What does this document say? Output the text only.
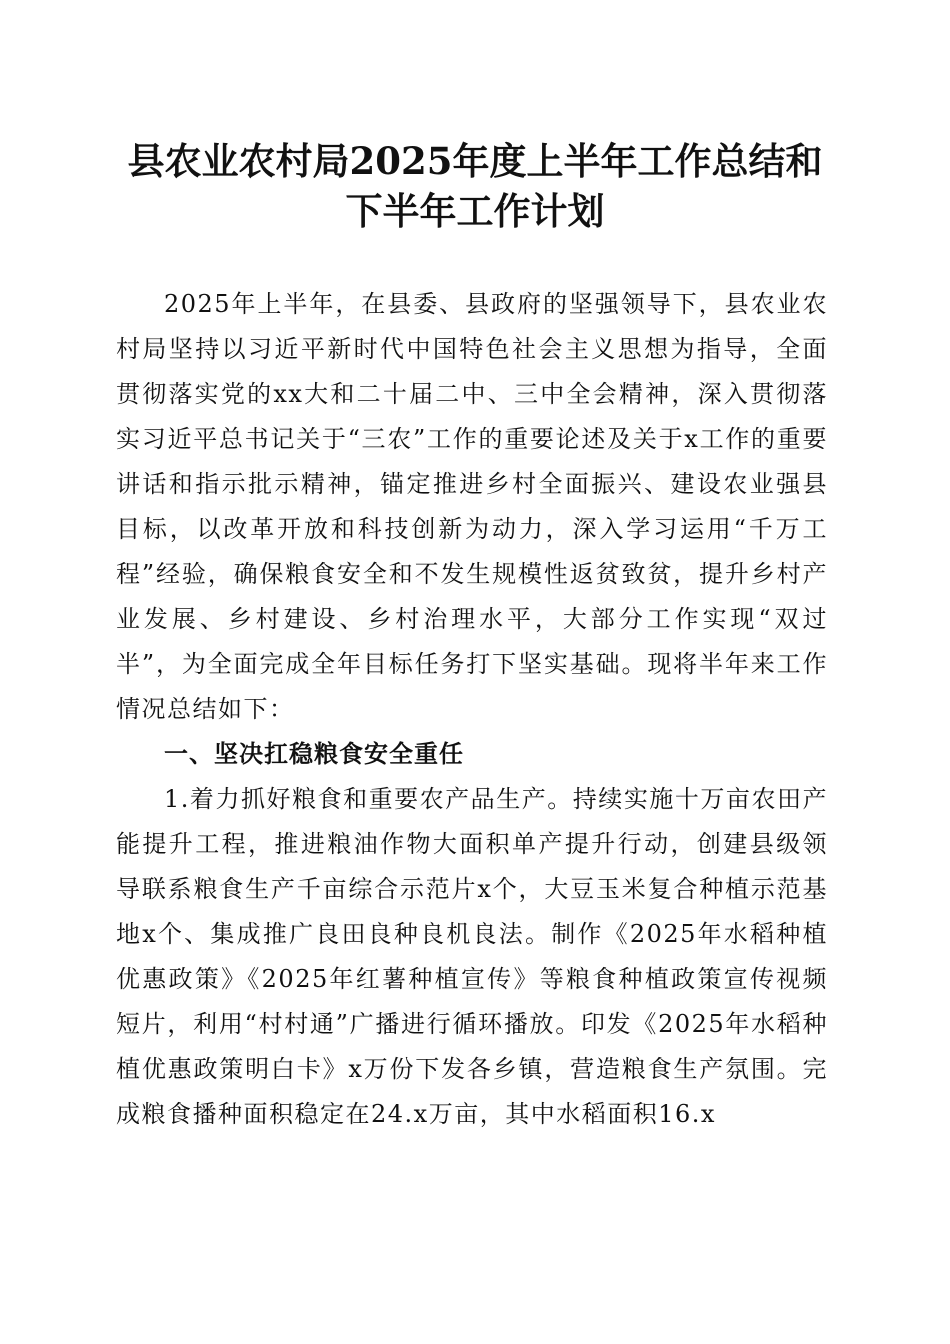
县农业农村局2025年度上半年工作总结和下半年工作计划

2025年上半年，在县委、县政府的坚强领导下，县农业农村局坚持以习近平新时代中国特色社会主义思想为指导，全面贯彻落实党的xx大和二十届二中、三中全会精神，深入贯彻落实习近平总书记关于“三农”工作的重要论述及关于x工作的重要讲话和指示批示精神，锚定推进乡村全面振兴、建设农业强县目标，以改革开放和科技创新为动力，深入学习运用“千万工程”经验，确保粮食安全和不发生规模性返贫致贫，提升乡村产业发展、乡村建设、乡村治理水平，大部分工作实现“双过半”，为全面完成全年目标任务打下坚实基础。现将半年来工作情况总结如下：

一、坚决扛稳粮食安全重任

1.着力抓好粮食和重要农产品生产。持续实施十万亩农田产能提升工程，推进粮油作物大面积单产提升行动，创建县级领导联系粮食生产千亩综合示范片x个，大豆玉米复合种植示范基地x个、集成推广良田良种良机良法。制作《2025年水稻种植优惠政策》《2025年红薯种植宣传》等粮食种植政策宣传视频短片，利用“村村通”广播进行循环播放。印发《2025年水稻种植优惠政策明白卡》x万份下发各乡镇，营造粮食生产氛围。完成粮食播种面积稳定在24.x万亩，其中水稻面积16.x
